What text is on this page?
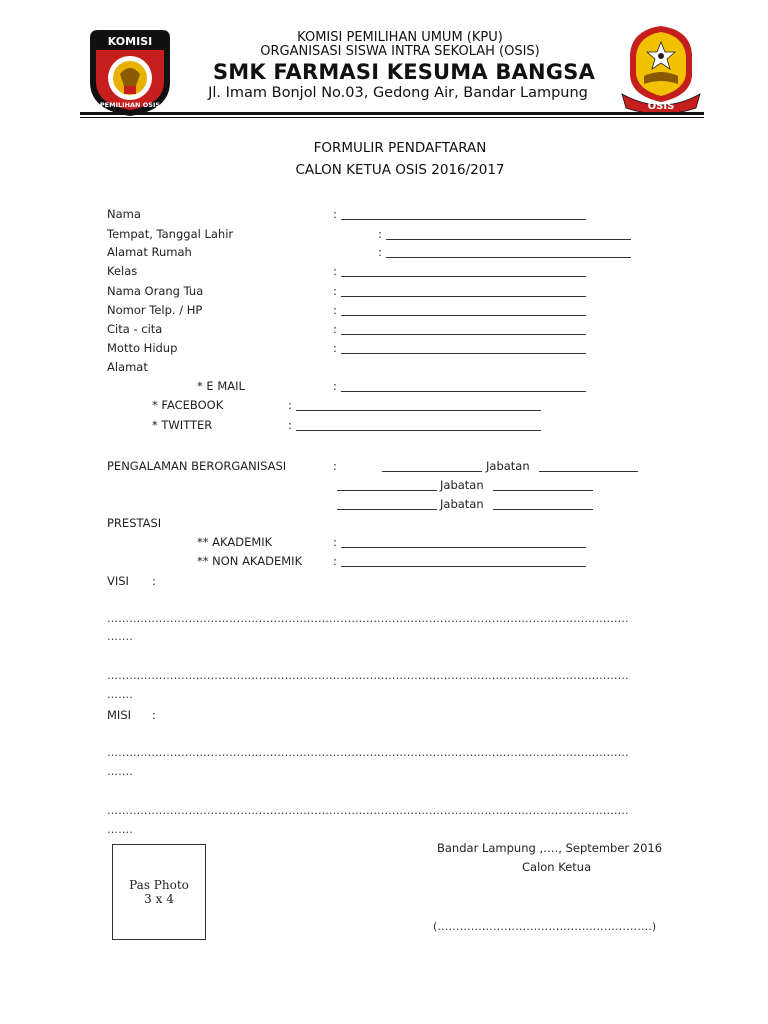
KOMISI
PEMILIHAN OSIS	OSIS
KOMISI PEMILIHAN UMUM (KPU)
ORGANISASI SISWA INTRA SEKOLAH (OSIS)
SMK FARMASI KESUMA BANGSA
Jl. Imam Bonjol No.03, Gedong Air, Bandar Lampung
FORMULIR PENDAFTARAN
CALON KETUA OSIS 2016/2017
Nama	:
Tempat, Tanggal Lahir	:
Alamat Rumah	:
Kelas	:
Nama Orang Tua	:
Nomor Telp. / HP	:
Cita - cita	:
Motto Hidup	:
Alamat
* E MAIL	:
* FACEBOOK	:
* TWITTER	:
PENGALAMAN BERORGANISASI	:	Jabatan
Jabatan
Jabatan
PRESTASI
** AKADEMIK	:
** NON AKADEMIK	:
VISI :
……………………………………………………………………………………………………………………………
…….
……………………………………………………………………………………………………………………………
…….
MISI :
……………………………………………………………………………………………………………………………
…….
……………………………………………………………………………………………………………………………
…….
Pas Photo
3 x 4
Bandar Lampung ,…., September 2016
Calon Ketua
(………………………………………………….)
